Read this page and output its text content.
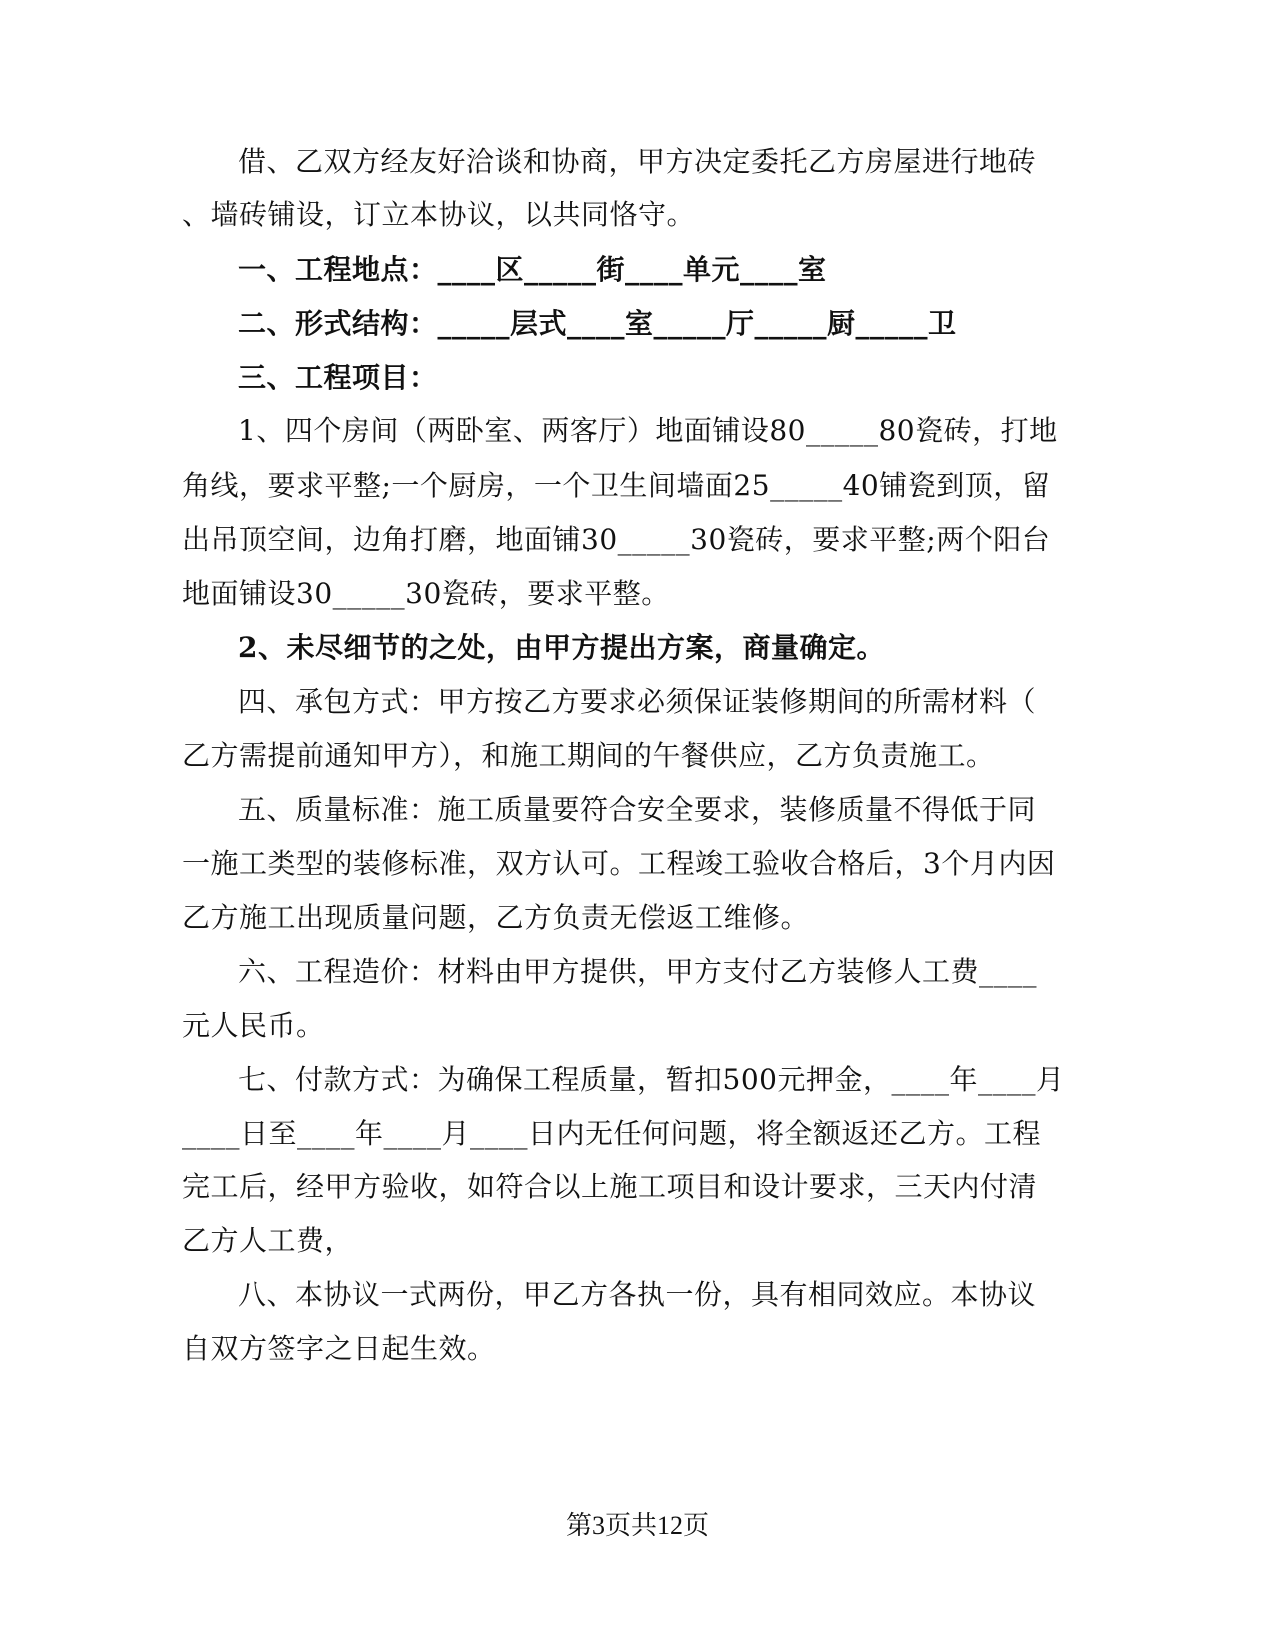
借、乙双方经友好洽谈和协商，甲方决定委托乙方房屋进行地砖
、墙砖铺设，订立本协议，以共同恪守。
一、工程地点：____区_____街____单元____室
二、形式结构：_____层式____室_____厅_____厨_____卫
三、工程项目：
1、四个房间（两卧室、两客厅）地面铺设80_____80瓷砖，打地
角线，要求平整;一个厨房，一个卫生间墙面25_____40铺瓷到顶，留
出吊顶空间，边角打磨，地面铺30_____30瓷砖，要求平整;两个阳台
地面铺设30_____30瓷砖，要求平整。
2、未尽细节的之处，由甲方提出方案，商量确定。
四、承包方式：甲方按乙方要求必须保证装修期间的所需材料（
乙方需提前通知甲方），和施工期间的午餐供应，乙方负责施工。
五、质量标准：施工质量要符合安全要求，装修质量不得低于同
一施工类型的装修标准，双方认可。工程竣工验收合格后，3个月内因
乙方施工出现质量问题，乙方负责无偿返工维修。
六、工程造价：材料由甲方提供，甲方支付乙方装修人工费____
元人民币。
七、付款方式：为确保工程质量，暂扣500元押金，____年____月
____日至____年____月____日内无任何问题，将全额返还乙方。工程
完工后，经甲方验收，如符合以上施工项目和设计要求，三天内付清
乙方人工费，
八、本协议一式两份，甲乙方各执一份，具有相同效应。本协议
自双方签字之日起生效。
第3页共12页
